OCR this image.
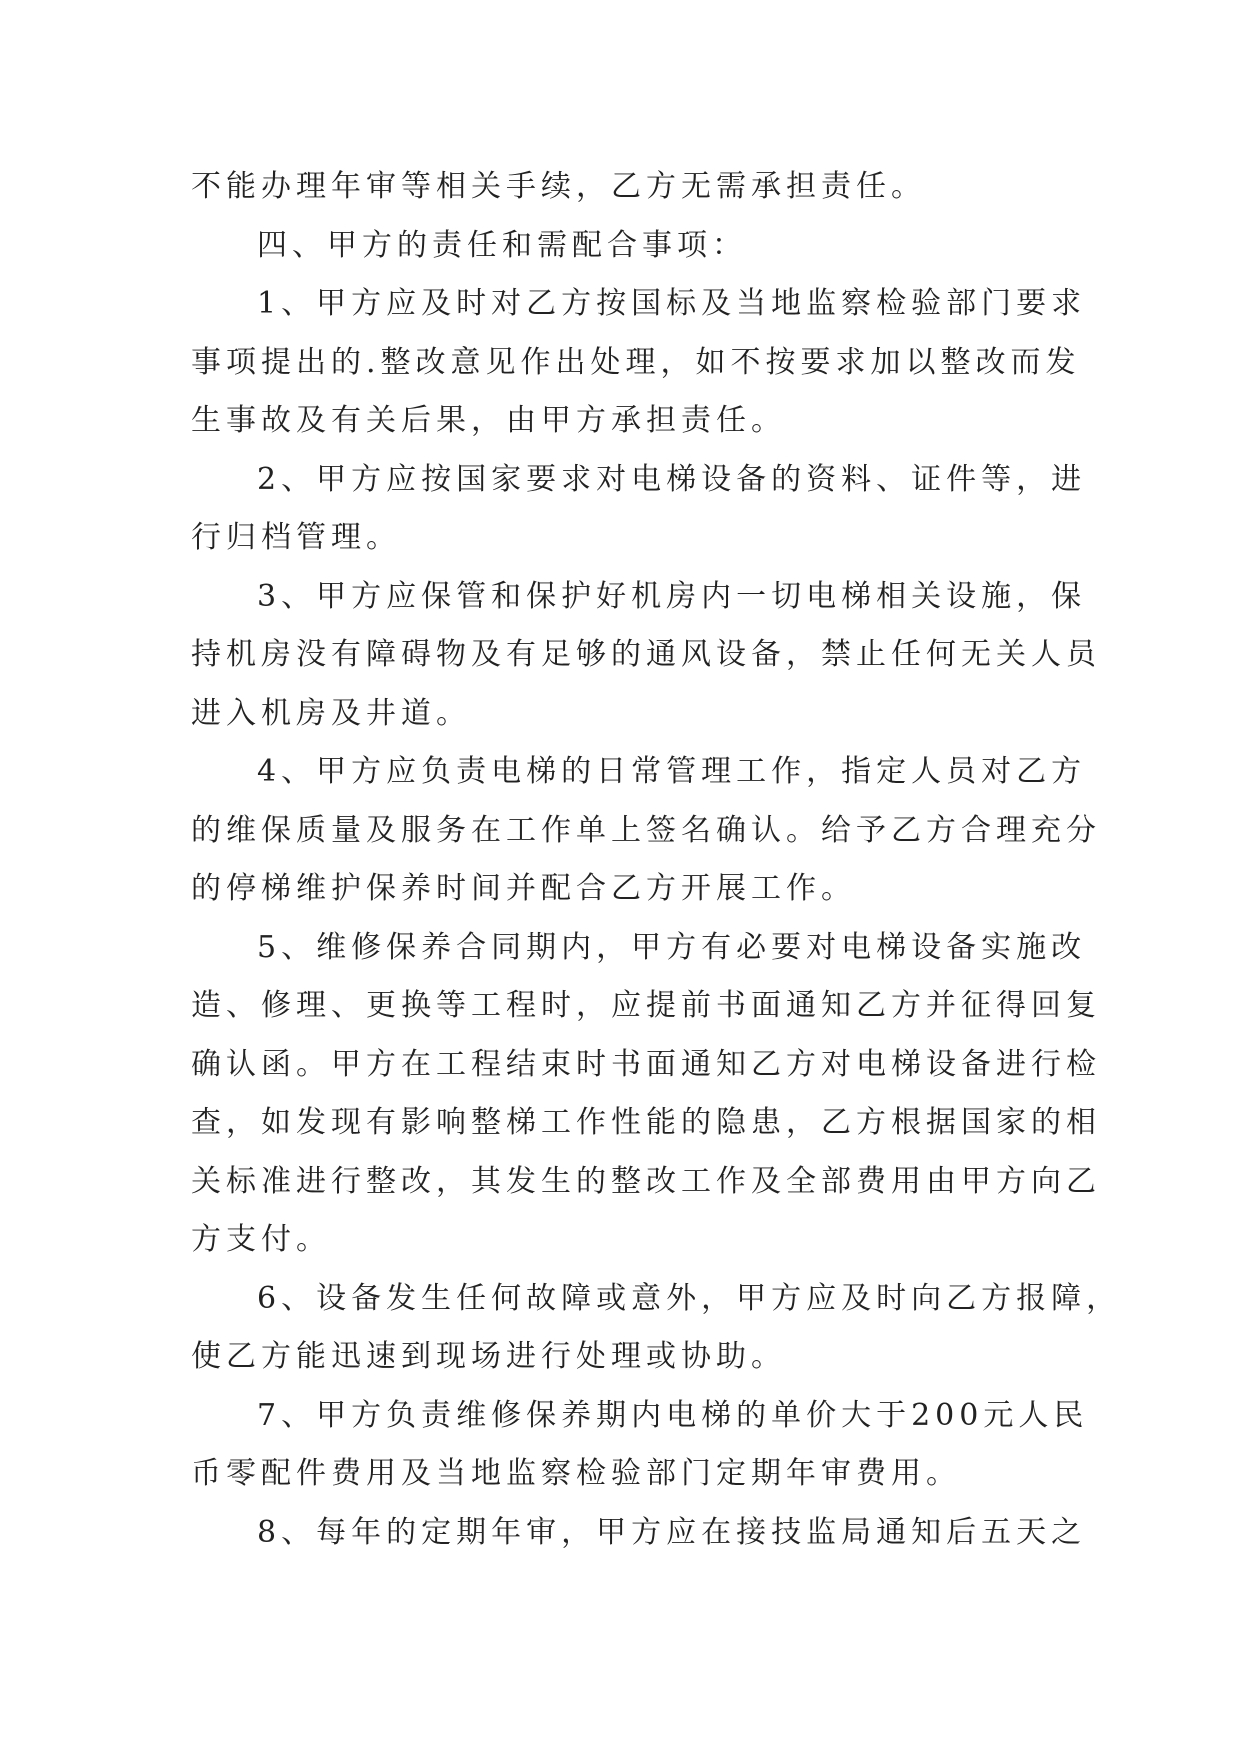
不能办理年审等相关手续，乙方无需承担责任。
四、甲方的责任和需配合事项：
1、甲方应及时对乙方按国标及当地监察检验部门要求
事项提出的.整改意见作出处理，如不按要求加以整改而发
生事故及有关后果，由甲方承担责任。
2、甲方应按国家要求对电梯设备的资料、证件等，进
行归档管理。
3、甲方应保管和保护好机房内一切电梯相关设施，保
持机房没有障碍物及有足够的通风设备，禁止任何无关人员
进入机房及井道。
4、甲方应负责电梯的日常管理工作，指定人员对乙方
的维保质量及服务在工作单上签名确认。给予乙方合理充分
的停梯维护保养时间并配合乙方开展工作。
5、维修保养合同期内，甲方有必要对电梯设备实施改
造、修理、更换等工程时，应提前书面通知乙方并征得回复
确认函。甲方在工程结束时书面通知乙方对电梯设备进行检
查，如发现有影响整梯工作性能的隐患，乙方根据国家的相
关标准进行整改，其发生的整改工作及全部费用由甲方向乙
方支付。
6、设备发生任何故障或意外，甲方应及时向乙方报障，
使乙方能迅速到现场进行处理或协助。
7、甲方负责维修保养期内电梯的单价大于200元人民
币零配件费用及当地监察检验部门定期年审费用。
8、每年的定期年审，甲方应在接技监局通知后五天之
